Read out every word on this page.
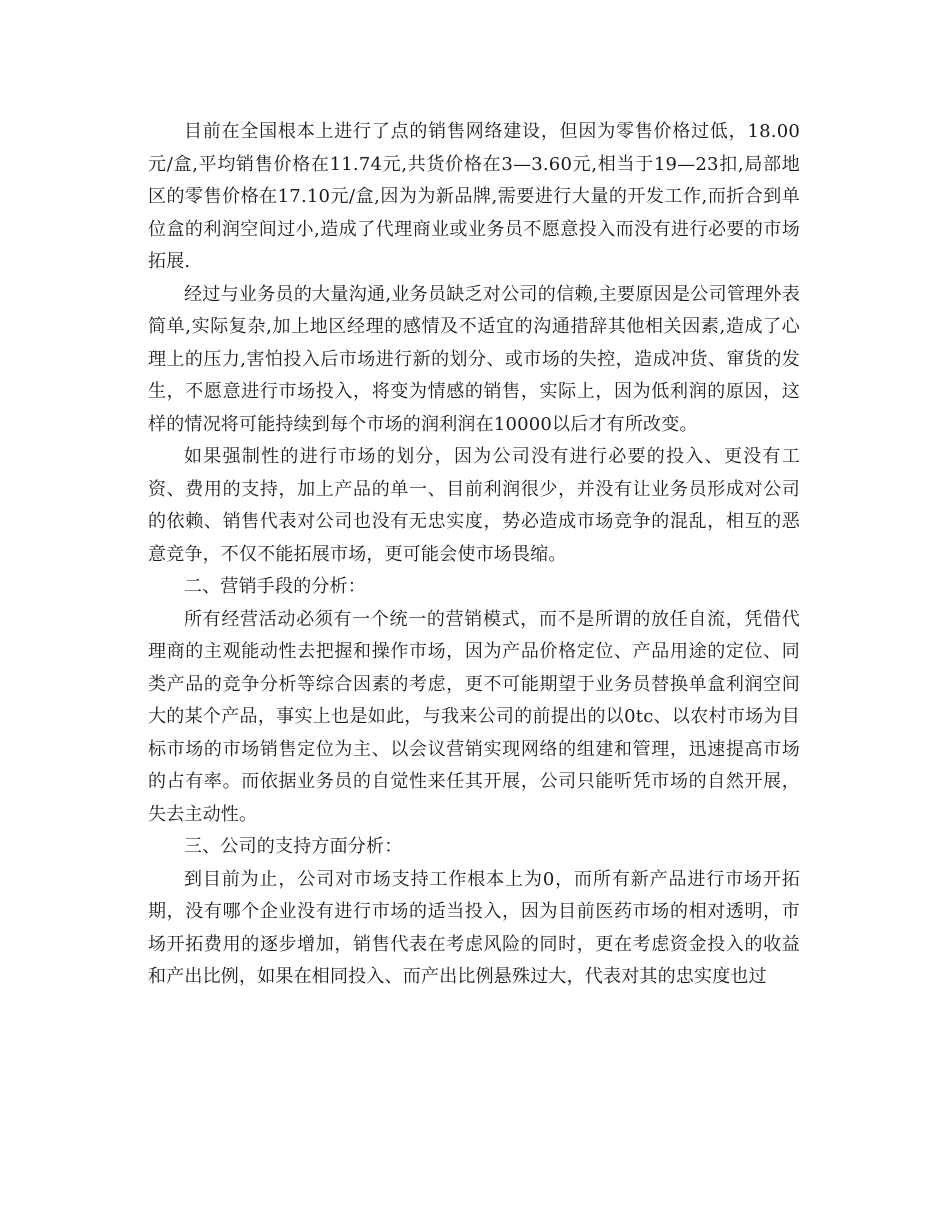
目前在全国根本上进行了点的销售网络建设，但因为零售价格过低，18.00元/盒,平均销售价格在11.74元,共货价格在3—3.60元,相当于19—23扣,局部地区的零售价格在17.10元/盒,因为为新品牌,需要进行大量的开发工作,而折合到单位盒的利润空间过小,造成了代理商业或业务员不愿意投入而没有进行必要的市场拓展.

经过与业务员的大量沟通,业务员缺乏对公司的信赖,主要原因是公司管理外表简单,实际复杂,加上地区经理的感情及不适宜的沟通措辞其他相关因素,造成了心理上的压力,害怕投入后市场进行新的划分、或市场的失控，造成冲货、窜货的发生，不愿意进行市场投入，将变为情感的销售，实际上，因为低利润的原因，这样的情况将可能持续到每个市场的润利润在10000以后才有所改变。

如果强制性的进行市场的划分，因为公司没有进行必要的投入、更没有工资、费用的支持，加上产品的单一、目前利润很少，并没有让业务员形成对公司的依赖、销售代表对公司也没有无忠实度，势必造成市场竞争的混乱，相互的恶意竞争，不仅不能拓展市场，更可能会使市场畏缩。

二、营销手段的分析：

所有经营活动必须有一个统一的营销模式，而不是所谓的放任自流，凭借代理商的主观能动性去把握和操作市场，因为产品价格定位、产品用途的定位、同类产品的竞争分析等综合因素的考虑，更不可能期望于业务员替换单盒利润空间大的某个产品，事实上也是如此，与我来公司的前提出的以0tc、以农村市场为目标市场的市场销售定位为主、以会议营销实现网络的组建和管理，迅速提高市场的占有率。而依据业务员的自觉性来任其开展，公司只能听凭市场的自然开展，失去主动性。

三、公司的支持方面分析：

到目前为止，公司对市场支持工作根本上为0，而所有新产品进行市场开拓期，没有哪个企业没有进行市场的适当投入，因为目前医药市场的相对透明，市场开拓费用的逐步增加，销售代表在考虑风险的同时，更在考虑资金投入的收益和产出比例，如果在相同投入、而产出比例悬殊过大，代表对其的忠实度也过
